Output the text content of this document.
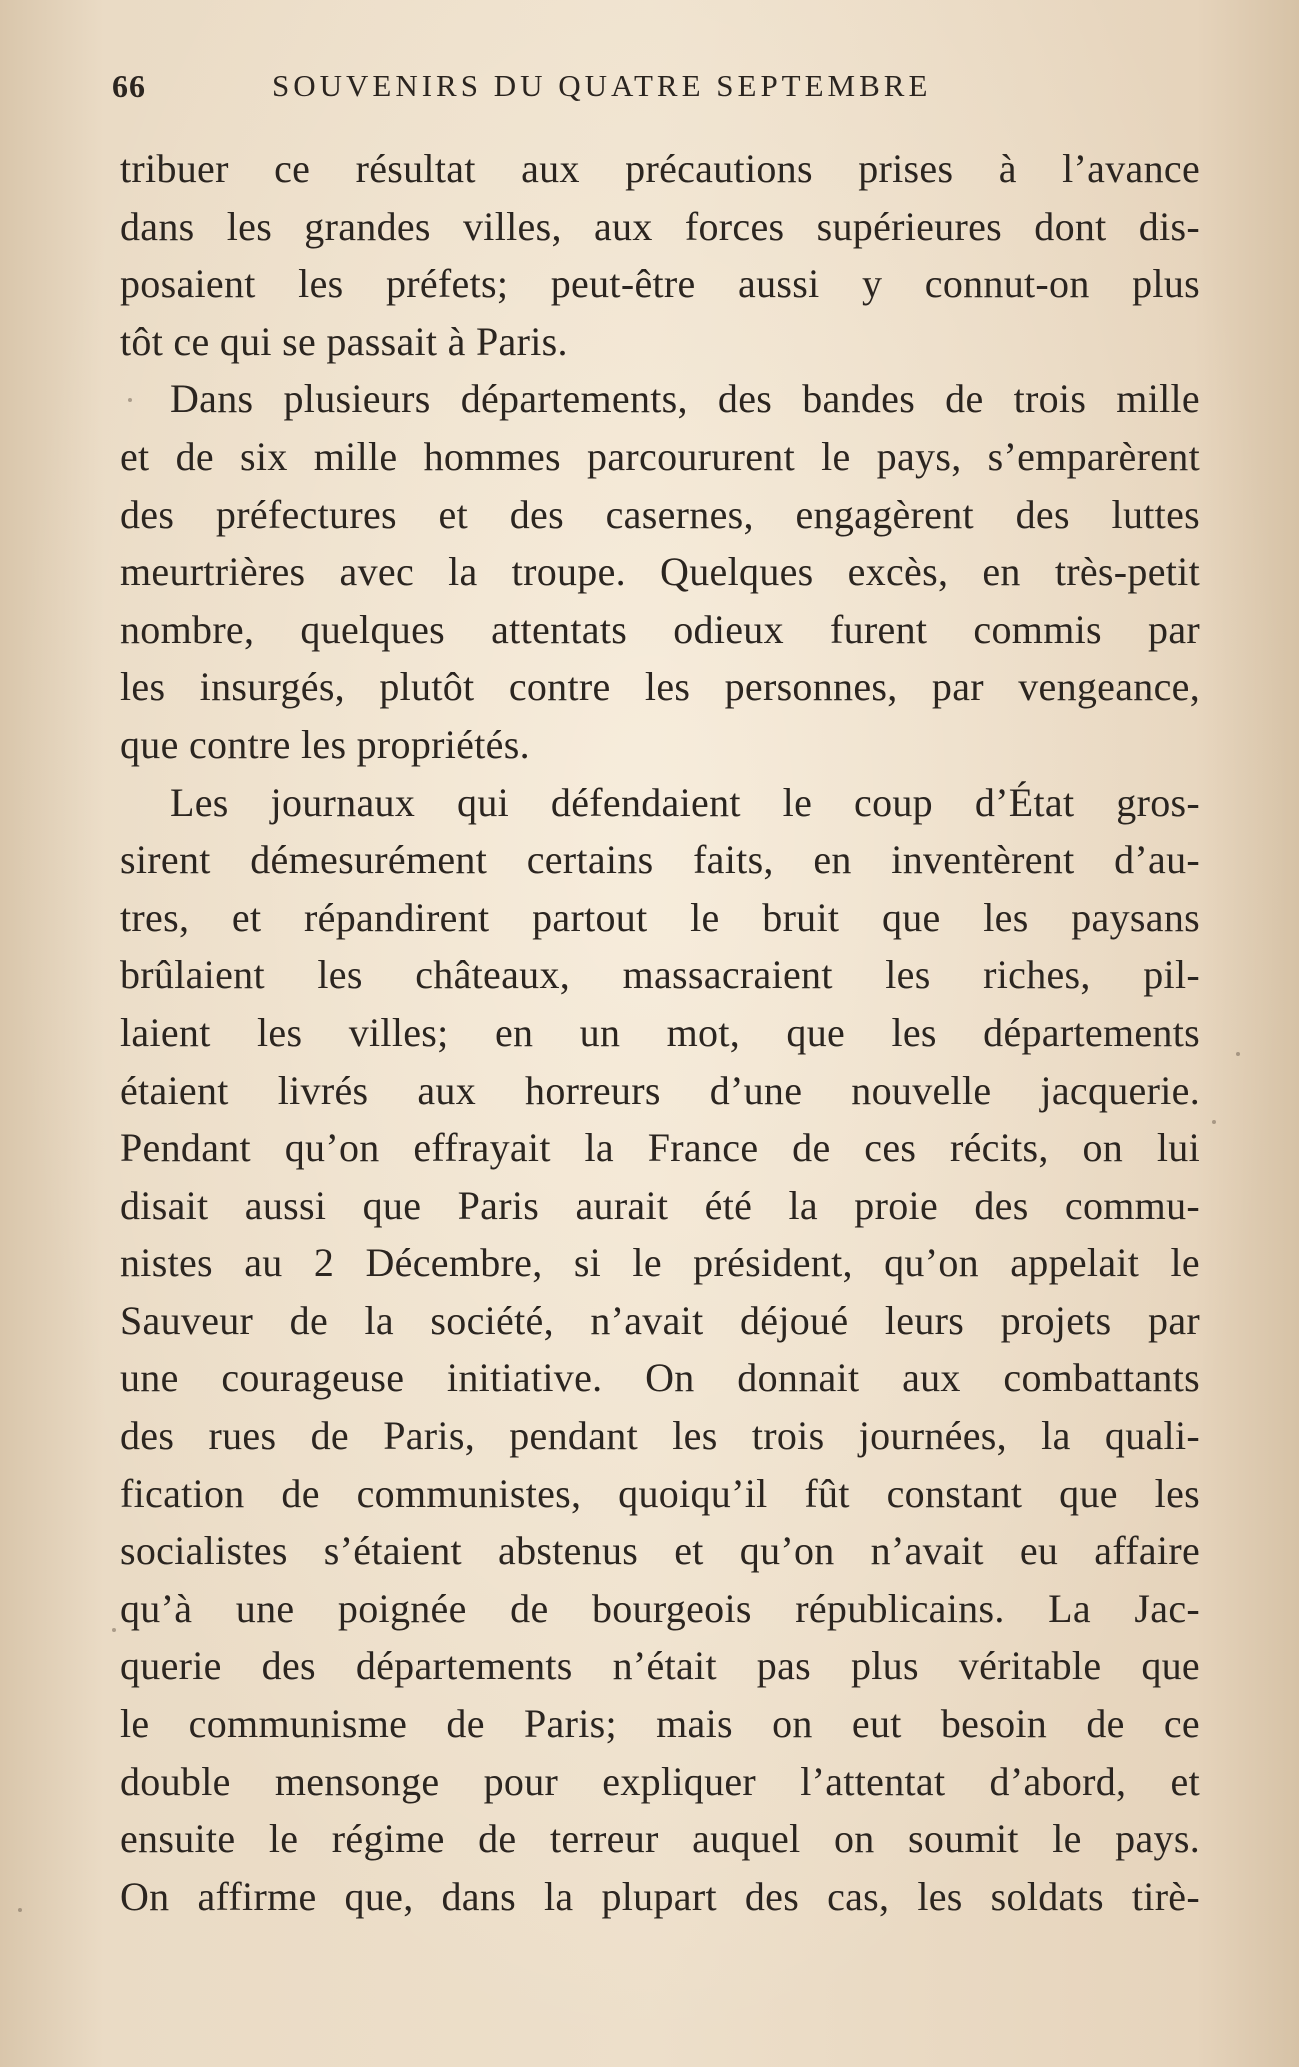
66	SOUVENIRS DU QUATRE SEPTEMBRE
tribuer ce résultat aux précautions prises à l’avance
dans les grandes villes, aux forces supérieures dont dis-
posaient les préfets; peut-être aussi y connut-on plus
tôt ce qui se passait à Paris.
Dans plusieurs départements, des bandes de trois mille
et de six mille hommes parcoururent le pays, s’emparèrent
des préfectures et des casernes, engagèrent des luttes
meurtrières avec la troupe. Quelques excès, en très-petit
nombre, quelques attentats odieux furent commis par
les insurgés, plutôt contre les personnes, par vengeance,
que contre les propriétés.
Les journaux qui défendaient le coup d’État gros-
sirent démesurément certains faits, en inventèrent d’au-
tres, et répandirent partout le bruit que les paysans
brûlaient les châteaux, massacraient les riches, pil-
laient les villes; en un mot, que les départements
étaient livrés aux horreurs d’une nouvelle jacquerie.
Pendant qu’on effrayait la France de ces récits, on lui
disait aussi que Paris aurait été la proie des commu-
nistes au 2 Décembre, si le président, qu’on appelait le
Sauveur de la société, n’avait déjoué leurs projets par
une courageuse initiative. On donnait aux combattants
des rues de Paris, pendant les trois journées, la quali-
fication de communistes, quoiqu’il fût constant que les
socialistes s’étaient abstenus et qu’on n’avait eu affaire
qu’à une poignée de bourgeois républicains. La Jac-
querie des départements n’était pas plus véritable que
le communisme de Paris; mais on eut besoin de ce
double mensonge pour expliquer l’attentat d’abord, et
ensuite le régime de terreur auquel on soumit le pays.
On affirme que, dans la plupart des cas, les soldats tirè-
